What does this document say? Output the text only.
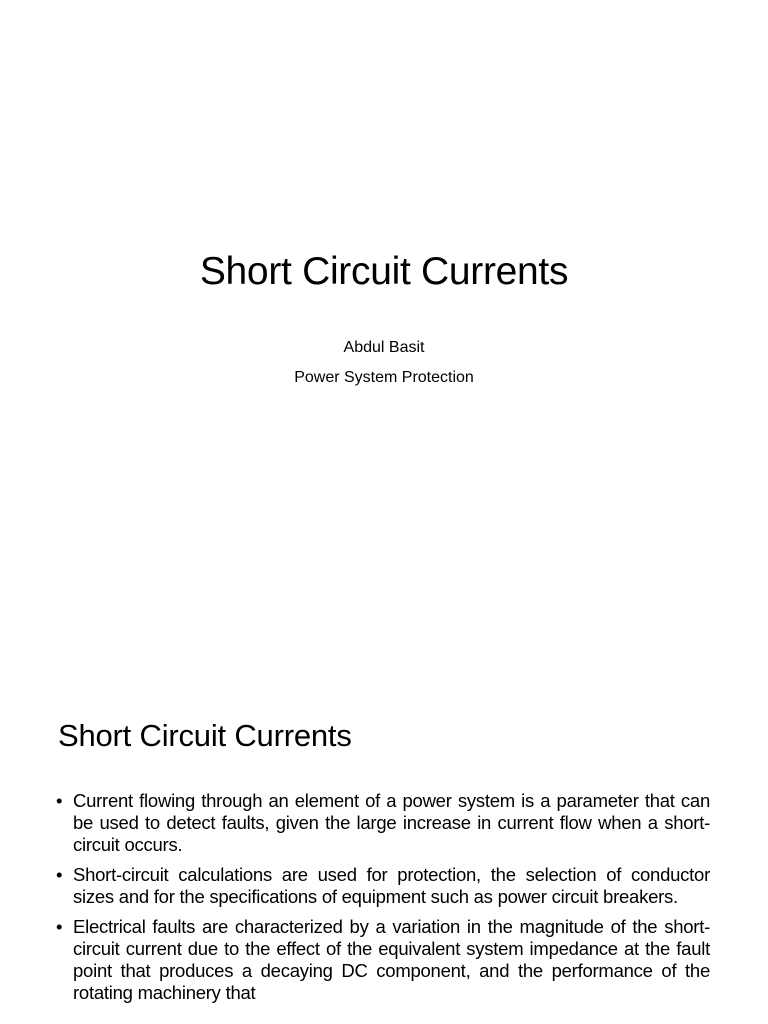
Short Circuit Currents

Abdul Basit

Power System Protection

Short Circuit Currents
• Current flowing through an element of a power system is a parameter that can be used to detect faults, given the large increase in current flow when a short-circuit occurs.
• Short-circuit calculations are used for protection, the selection of conductor sizes and for the specifications of equipment such as power circuit breakers.
• Electrical faults are characterized by a variation in the magnitude of the short-circuit current due to the effect of the equivalent system impedance at the fault point that produces a decaying DC component, and the performance of the rotating machinery that
